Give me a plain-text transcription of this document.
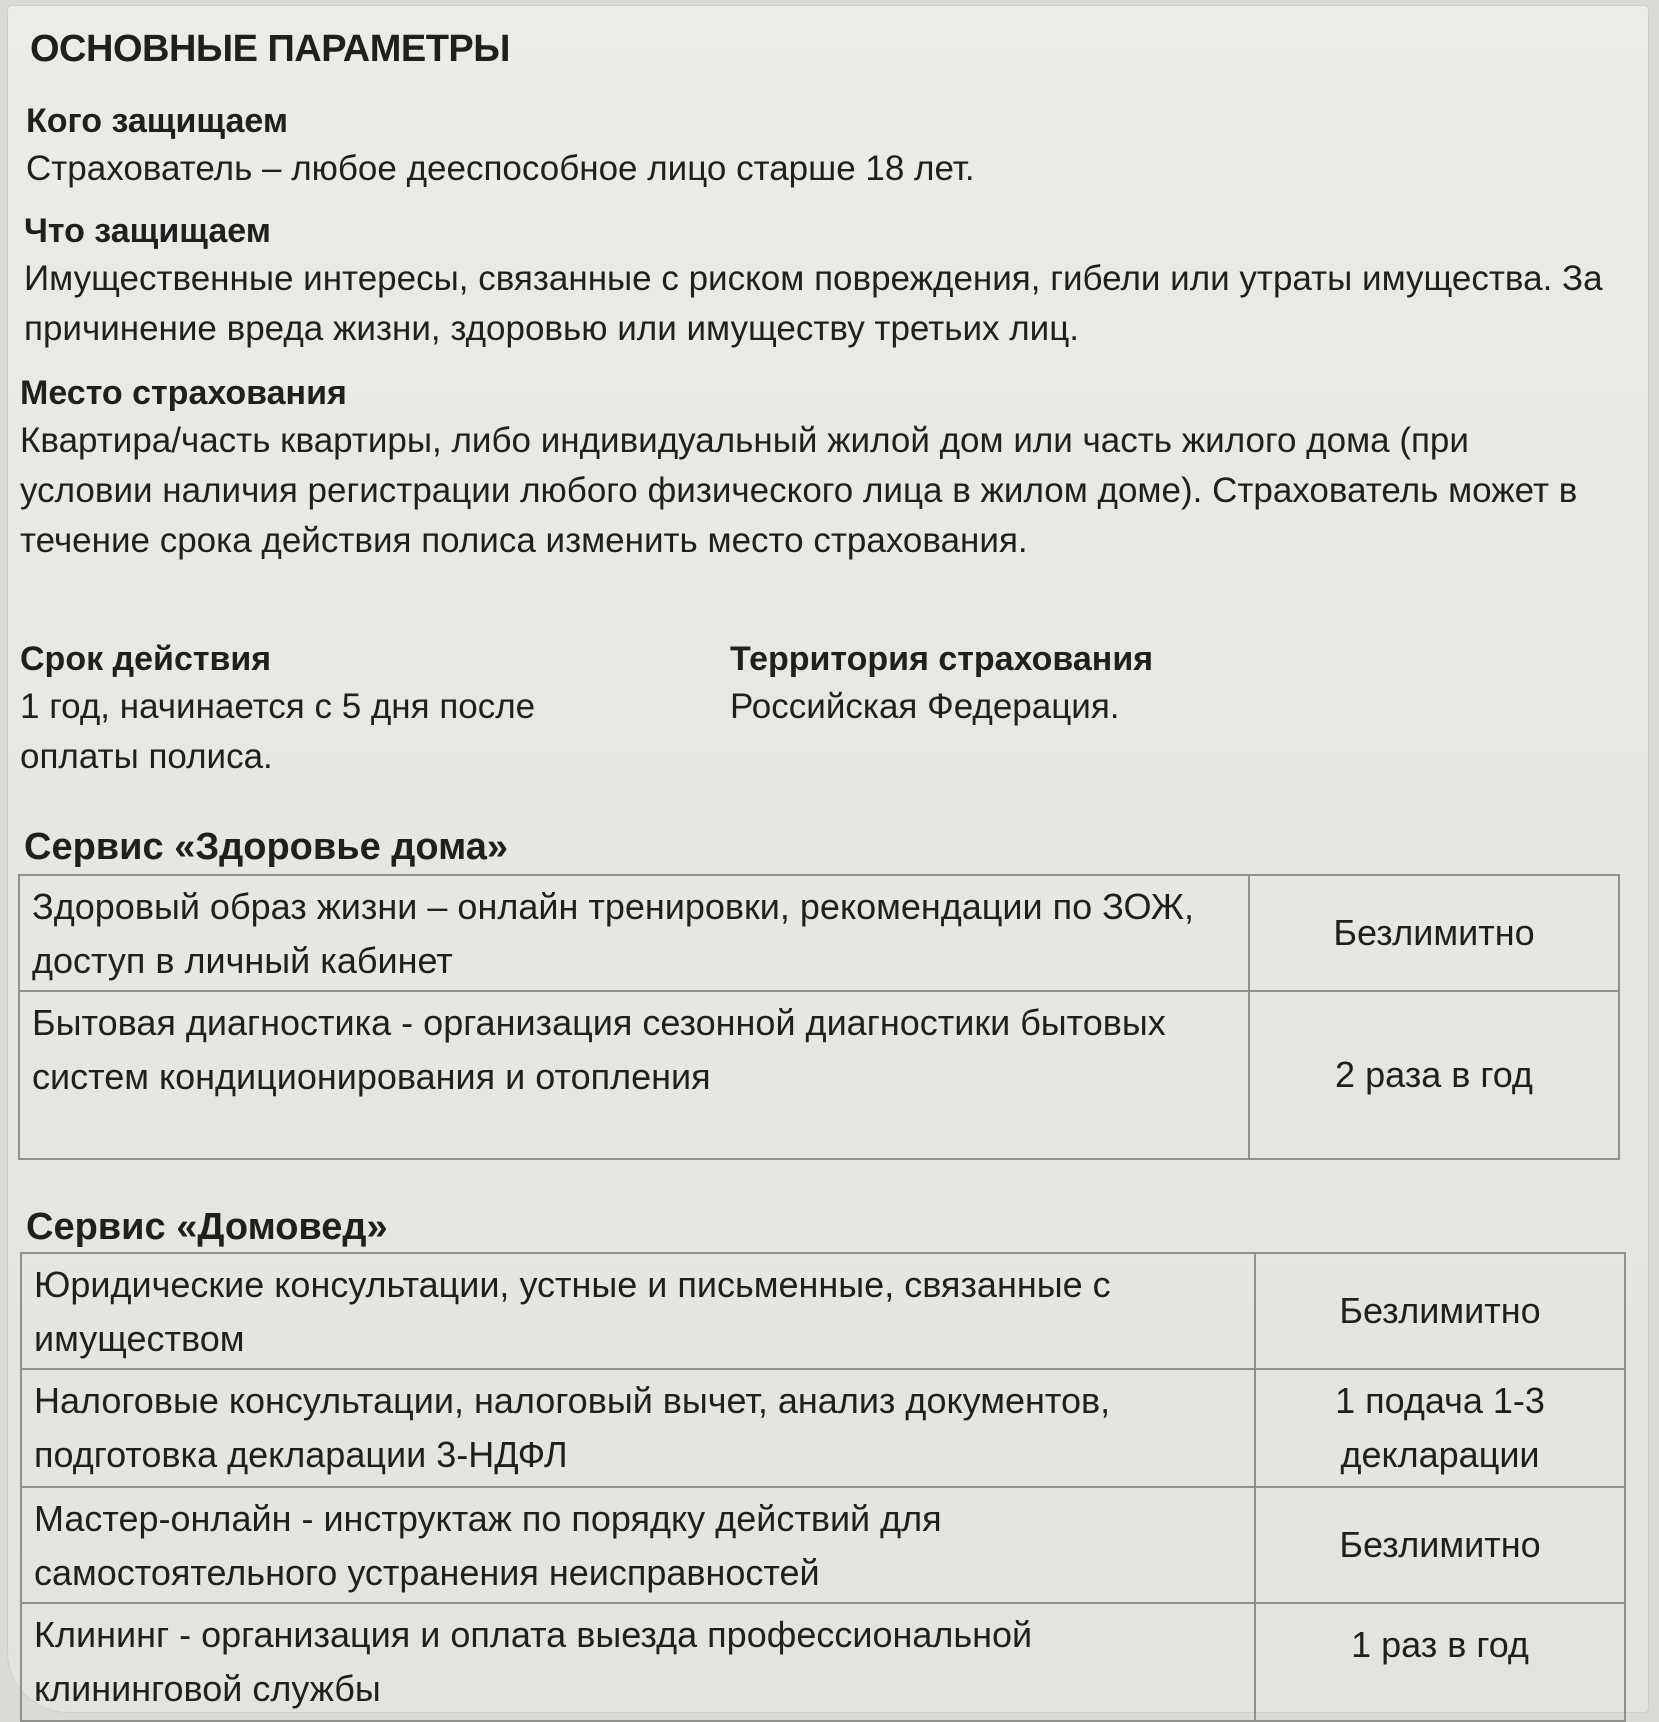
ОСНОВНЫЕ ПАРАМЕТРЫ
Кого защищаем

Страхователь – любое дееспособное лицо старше 18 лет.

Что защищаем

Имущественные интересы, связанные с риском повреждения, гибели или утраты имущества. За причинение вреда жизни, здоровью или имуществу третьих лиц.

Место страхования

Квартира/часть квартиры, либо индивидуальный жилой дом или часть жилого дома (при условии наличия регистрации любого физического лица в жилом доме). Страхователь может в течение срока действия полиса изменить место страхования.

Срок действия

1 год, начинается с 5 дня после оплаты полиса.

Территория страхования

Российская Федерация.

Сервис «Здоровье дома»
Здоровый образ жизни – онлайн тренировки, рекомендации по ЗОЖ, доступ в личный кабинет	Безлимитно
Бытовая диагностика - организация сезонной диагностики бытовых систем кондиционирования и отопления	2 раза в год
Сервис «Домовед»
Юридические консультации, устные и письменные, связанные с имуществом	Безлимитно
Налоговые консультации, налоговый вычет, анализ документов, подготовка декларации 3-НДФЛ	1 подача 1-3 декларации
Мастер-онлайн - инструктаж по порядку действий для самостоятельного устранения неисправностей	Безлимитно
Клининг - организация и оплата выезда профессиональной клининговой службы	1 раз в год
